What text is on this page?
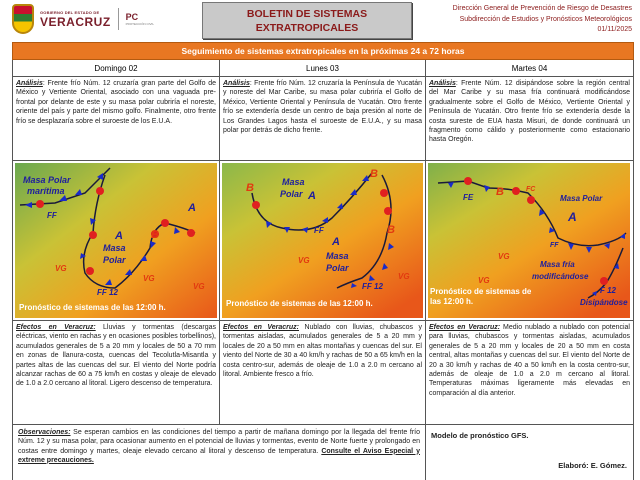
GOBIERNO DEL ESTADO DE
VERACRUZ PC
PROTECCIÓN CIVIL
BOLETIN DE SISTEMAS
EXTRATROPICALES
Dirección General de Prevención de Riesgo de Desastres
Subdirección de Estudios y Pronósticos Meteorológicos
01/11/2025
Seguimiento de sistemas extratropicales en la próximas 24 a 72 horas
Domingo 02	Lunes 03	Martes 04
Análisis: Frente frío Núm. 12 cruzaría gran parte del Golfo de México y Vertiente Oriental, asociado con una vaguada pre-frontal por delante de este y su masa polar cubriría el noreste, oriente del país y parte del mismo golfo. Finalmente, otro frente frío se desplazaría sobre el suroeste de los E.U.A.
Análisis: Frente frío Núm. 12 cruzaría la Península de Yucatán y noreste del Mar Caribe, su masa polar cubriría el Golfo de México, Vertiente Oriental y Península de Yucatán. Otro frente frío se extendería desde un centro de baja presión al norte de Los Grandes Lagos hasta el suroeste de E.U.A., y su masa polar por detrás de dicho frente.
Análisis: Frente Núm. 12 disipándose sobre la región central del Mar Caribe y su masa fría continuará modificándose gradualmente sobre el Golfo de México, Vertiente Oriental y Península de Yucatán. Otro frente frío se extendería desde la costa sureste de EUA hasta Misuri, de donde continuará un fragmento como cálido y posteriormente como estacionario hasta Oregón.
Masa Polar
marítima
FF
A
A
Masa
Polar
B
VG
VG
VG
FF 12
Pronóstico de sistemas de las 12:00 h.
B
B
B
Masa
Polar A
FF
A
Masa
Polar
VG
VG
FF 12
Pronóstico de sistemas de las 12:00 h.
FE B	FC
Masa Polar
A
FF
VG
VG
Masa fría
modificándose
F 12
Disipándose
Pronóstico de sistemas de las 12:00 h.
Efectos en Veracruz: Lluvias y tormentas (descargas eléctricas, viento en rachas y en ocasiones posibles torbellinos), acumulados generales de 5 a 20 mm y locales de 50 a 70 mm en zonas de llanura-costa, cuencas del Tecolutla-Misantla y partes altas de las cuencas del sur. El viento del Norte podría alcanzar rachas de 60 a 75 km/h en costas y oleaje de elevado de 1.0 a 2.0 cercano al litoral. Ligero descenso de temperatura.
Efectos en Veracruz: Nublado con lluvias, chubascos y tormentas aisladas, acumulados generales de 5 a 20 mm y locales de 20 a 50 mm en altas montañas y cuencas del sur. El viento del Norte de 30 a 40 km/h y rachas de 50 a 65 km/h en la costa centro-sur, además de oleaje de 1.0 a 2.0 m cercano al litoral. Ambiente fresco a frío.
Efectos en Veracruz: Medio nublado a nublado con potencial para lluvias, chubascos y tormentas aisladas, acumulados generales de 5 a 20 mm y locales de 20 a 50 mm en costa central, altas montañas y cuencas del sur. El viento del Norte de 20 a 30 km/h y rachas de 40 a 50 km/h en la costa centro-sur, además de oleaje de 1.0 a 2.0 m cercano al litoral. Temperaturas máximas ligeramente más elevadas en comparación al día anterior.
Observaciones: Se esperan cambios en las condiciones del tiempo a partir de mañana domingo por la llegada del frente frío Núm. 12 y su masa polar, para ocasionar aumento en el potencial de lluvias y tormentas, evento de Norte fuerte y prolongado en costas entre domingo y martes, oleaje elevado cercano al litoral y descenso de temperatura. Consulte el Aviso Especial y extreme precauciones.
Modelo de pronóstico GFS.
Elaboró: E. Gómez.
